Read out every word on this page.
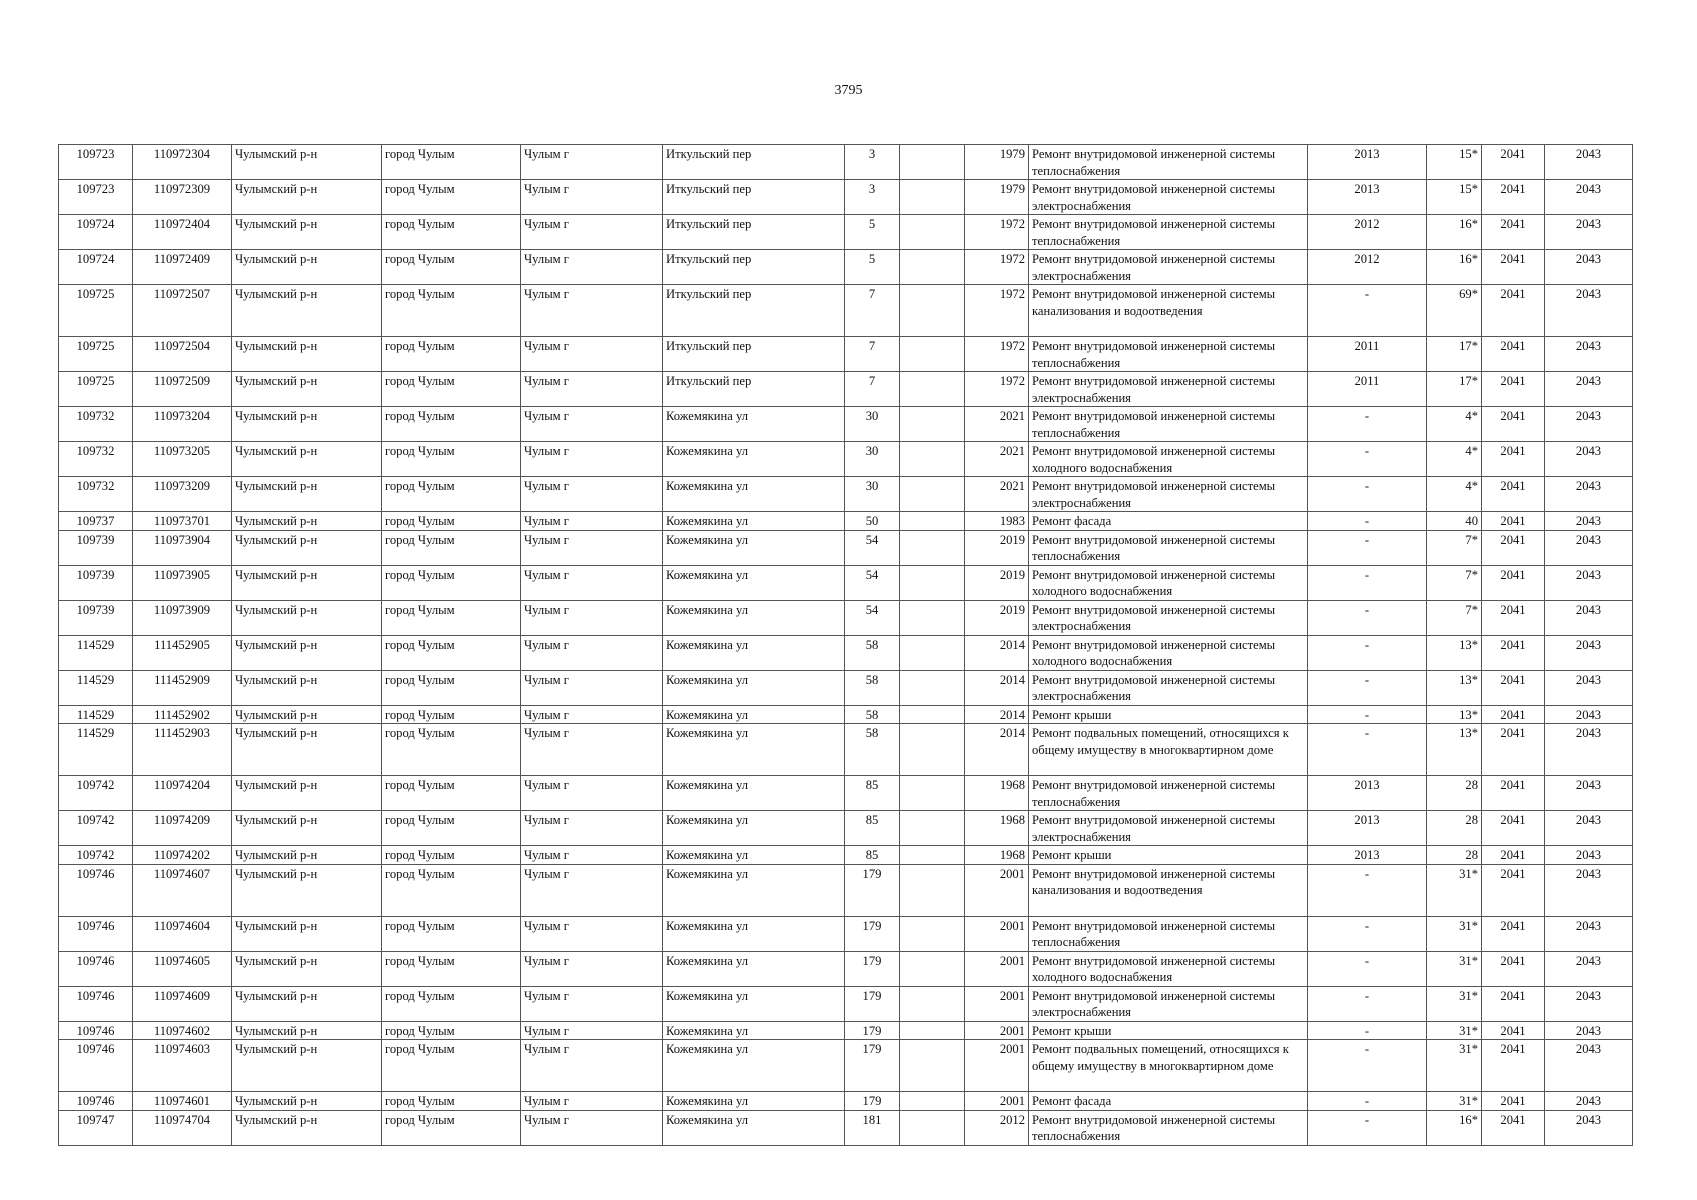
3795
109723	110972304	Чулымский р-н	город Чулым	Чулым г	Иткульский пер	3		1979	Ремонт внутридомовой инженерной системы теплоснабжения	2013	15*	2041	2043
109723	110972309	Чулымский р-н	город Чулым	Чулым г	Иткульский пер	3		1979	Ремонт внутридомовой инженерной системы электроснабжения	2013	15*	2041	2043
109724	110972404	Чулымский р-н	город Чулым	Чулым г	Иткульский пер	5		1972	Ремонт внутридомовой инженерной системы теплоснабжения	2012	16*	2041	2043
109724	110972409	Чулымский р-н	город Чулым	Чулым г	Иткульский пер	5		1972	Ремонт внутридомовой инженерной системы электроснабжения	2012	16*	2041	2043
109725	110972507	Чулымский р-н	город Чулым	Чулым г	Иткульский пер	7		1972	Ремонт внутридомовой инженерной системы канализования и водоотведения	-	69*	2041	2043
109725	110972504	Чулымский р-н	город Чулым	Чулым г	Иткульский пер	7		1972	Ремонт внутридомовой инженерной системы теплоснабжения	2011	17*	2041	2043
109725	110972509	Чулымский р-н	город Чулым	Чулым г	Иткульский пер	7		1972	Ремонт внутридомовой инженерной системы электроснабжения	2011	17*	2041	2043
109732	110973204	Чулымский р-н	город Чулым	Чулым г	Кожемякина ул	30		2021	Ремонт внутридомовой инженерной системы теплоснабжения	-	4*	2041	2043
109732	110973205	Чулымский р-н	город Чулым	Чулым г	Кожемякина ул	30		2021	Ремонт внутридомовой инженерной системы холодного водоснабжения	-	4*	2041	2043
109732	110973209	Чулымский р-н	город Чулым	Чулым г	Кожемякина ул	30		2021	Ремонт внутридомовой инженерной системы электроснабжения	-	4*	2041	2043
109737	110973701	Чулымский р-н	город Чулым	Чулым г	Кожемякина ул	50		1983	Ремонт фасада	-	40	2041	2043
109739	110973904	Чулымский р-н	город Чулым	Чулым г	Кожемякина ул	54		2019	Ремонт внутридомовой инженерной системы теплоснабжения	-	7*	2041	2043
109739	110973905	Чулымский р-н	город Чулым	Чулым г	Кожемякина ул	54		2019	Ремонт внутридомовой инженерной системы холодного водоснабжения	-	7*	2041	2043
109739	110973909	Чулымский р-н	город Чулым	Чулым г	Кожемякина ул	54		2019	Ремонт внутридомовой инженерной системы электроснабжения	-	7*	2041	2043
114529	111452905	Чулымский р-н	город Чулым	Чулым г	Кожемякина ул	58		2014	Ремонт внутридомовой инженерной системы холодного водоснабжения	-	13*	2041	2043
114529	111452909	Чулымский р-н	город Чулым	Чулым г	Кожемякина ул	58		2014	Ремонт внутридомовой инженерной системы электроснабжения	-	13*	2041	2043
114529	111452902	Чулымский р-н	город Чулым	Чулым г	Кожемякина ул	58		2014	Ремонт крыши	-	13*	2041	2043
114529	111452903	Чулымский р-н	город Чулым	Чулым г	Кожемякина ул	58		2014	Ремонт подвальных помещений, относящихся к общему имуществу в многоквартирном доме	-	13*	2041	2043
109742	110974204	Чулымский р-н	город Чулым	Чулым г	Кожемякина ул	85		1968	Ремонт внутридомовой инженерной системы теплоснабжения	2013	28	2041	2043
109742	110974209	Чулымский р-н	город Чулым	Чулым г	Кожемякина ул	85		1968	Ремонт внутридомовой инженерной системы электроснабжения	2013	28	2041	2043
109742	110974202	Чулымский р-н	город Чулым	Чулым г	Кожемякина ул	85		1968	Ремонт крыши	2013	28	2041	2043
109746	110974607	Чулымский р-н	город Чулым	Чулым г	Кожемякина ул	179		2001	Ремонт внутридомовой инженерной системы канализования и водоотведения	-	31*	2041	2043
109746	110974604	Чулымский р-н	город Чулым	Чулым г	Кожемякина ул	179		2001	Ремонт внутридомовой инженерной системы теплоснабжения	-	31*	2041	2043
109746	110974605	Чулымский р-н	город Чулым	Чулым г	Кожемякина ул	179		2001	Ремонт внутридомовой инженерной системы холодного водоснабжения	-	31*	2041	2043
109746	110974609	Чулымский р-н	город Чулым	Чулым г	Кожемякина ул	179		2001	Ремонт внутридомовой инженерной системы электроснабжения	-	31*	2041	2043
109746	110974602	Чулымский р-н	город Чулым	Чулым г	Кожемякина ул	179		2001	Ремонт крыши	-	31*	2041	2043
109746	110974603	Чулымский р-н	город Чулым	Чулым г	Кожемякина ул	179		2001	Ремонт подвальных помещений, относящихся к общему имуществу в многоквартирном доме	-	31*	2041	2043
109746	110974601	Чулымский р-н	город Чулым	Чулым г	Кожемякина ул	179		2001	Ремонт фасада	-	31*	2041	2043
109747	110974704	Чулымский р-н	город Чулым	Чулым г	Кожемякина ул	181		2012	Ремонт внутридомовой инженерной системы теплоснабжения	-	16*	2041	2043
